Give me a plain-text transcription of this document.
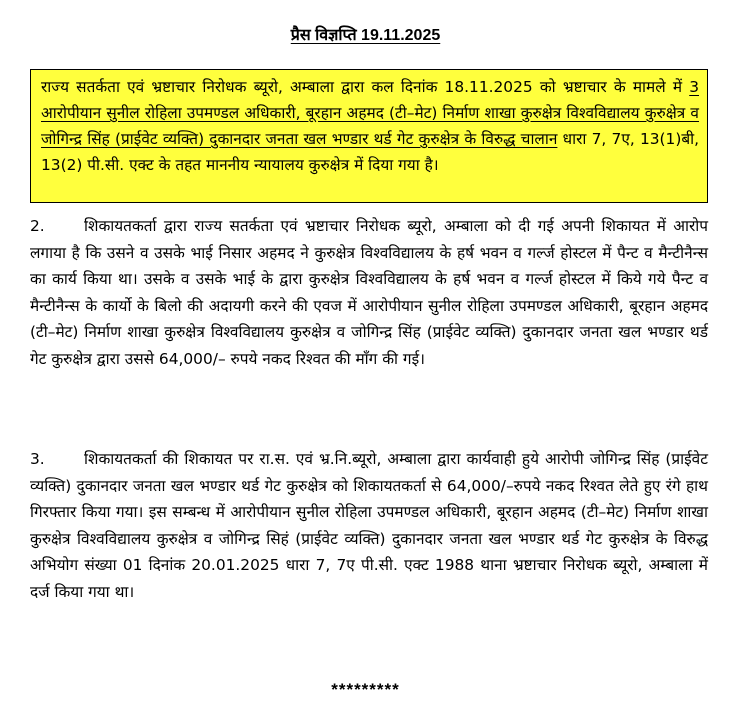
प्रैस विज्ञप्ति 19.11.2025
राज्य सतर्कता एवं भ्रष्टाचार निरोधक ब्यूरो, अम्बाला द्वारा कल दिनांक 18.11.2025 को भ्रष्टाचार के मामले में 3 आरोपीयान सुनील रोहिला उपमण्डल अधिकारी, बूरहान अहमद (टी–मेट) निर्माण शाखा कुरुक्षेत्र विश्वविद्यालय कुरुक्षेत्र व जोगिन्द्र सिंह (प्राईवेट व्यक्ति) दुकानदार जनता खल भण्डार थर्ड गेट कुरुक्षेत्र के विरुद्ध चालान धारा 7, 7ए, 13(1)बी, 13(2) पी.सी. एक्ट के तहत माननीय न्यायालय कुरुक्षेत्र में दिया गया है।
2.	शिकायतकर्ता द्वारा राज्य सतर्कता एवं भ्रष्टाचार निरोधक ब्यूरो, अम्बाला को दी गई अपनी शिकायत में आरोप लगाया है कि उसने व उसके भाई निसार अहमद ने कुरुक्षेत्र विश्वविद्यालय के हर्ष भवन व गर्ल्ज होस्टल में पैन्ट व मैन्टीनैन्स का कार्य किया था। उसके व उसके भाई के द्वारा कुरुक्षेत्र विश्वविद्यालय के हर्ष भवन व गर्ल्ज होस्टल में किये गये पैन्ट व मैन्टीनैन्स के कार्यो के बिलो की अदायगी करने की एवज में आरोपीयान सुनील रोहिला उपमण्डल अधिकारी, बूरहान अहमद (टी–मेट) निर्माण शाखा कुरुक्षेत्र विश्वविद्यालय कुरुक्षेत्र व जोगिन्द्र सिंह (प्राईवेट व्यक्ति) दुकानदार जनता खल भण्डार थर्ड गेट कुरुक्षेत्र द्वारा उससे 64,000/– रुपये नकद रिश्वत की माँग की गई।
3.	शिकायतकर्ता की शिकायत पर रा.स. एवं भ्र.नि.ब्यूरो, अम्बाला द्वारा कार्यवाही हुये आरोपी जोगिन्द्र सिंह (प्राईवेट व्यक्ति) दुकानदार जनता खल भण्डार थर्ड गेट कुरुक्षेत्र को शिकायतकर्ता से 64,000/–रुपये नकद रिश्वत लेते हुए रंगे हाथ गिरफ्तार किया गया। इस सम्बन्ध में आरोपीयान सुनील रोहिला उपमण्डल अधिकारी, बूरहान अहमद (टी–मेट) निर्माण शाखा कुरुक्षेत्र विश्वविद्यालय कुरुक्षेत्र व जोगिन्द्र सिहं (प्राईवेट व्यक्ति) दुकानदार जनता खल भण्डार थर्ड गेट कुरुक्षेत्र के विरुद्ध अभियोग संख्या 01 दिनांक 20.01.2025 धारा 7, 7ए पी.सी. एक्ट 1988 थाना भ्रष्टाचार निरोधक ब्यूरो, अम्बाला में दर्ज किया गया था।
*********
